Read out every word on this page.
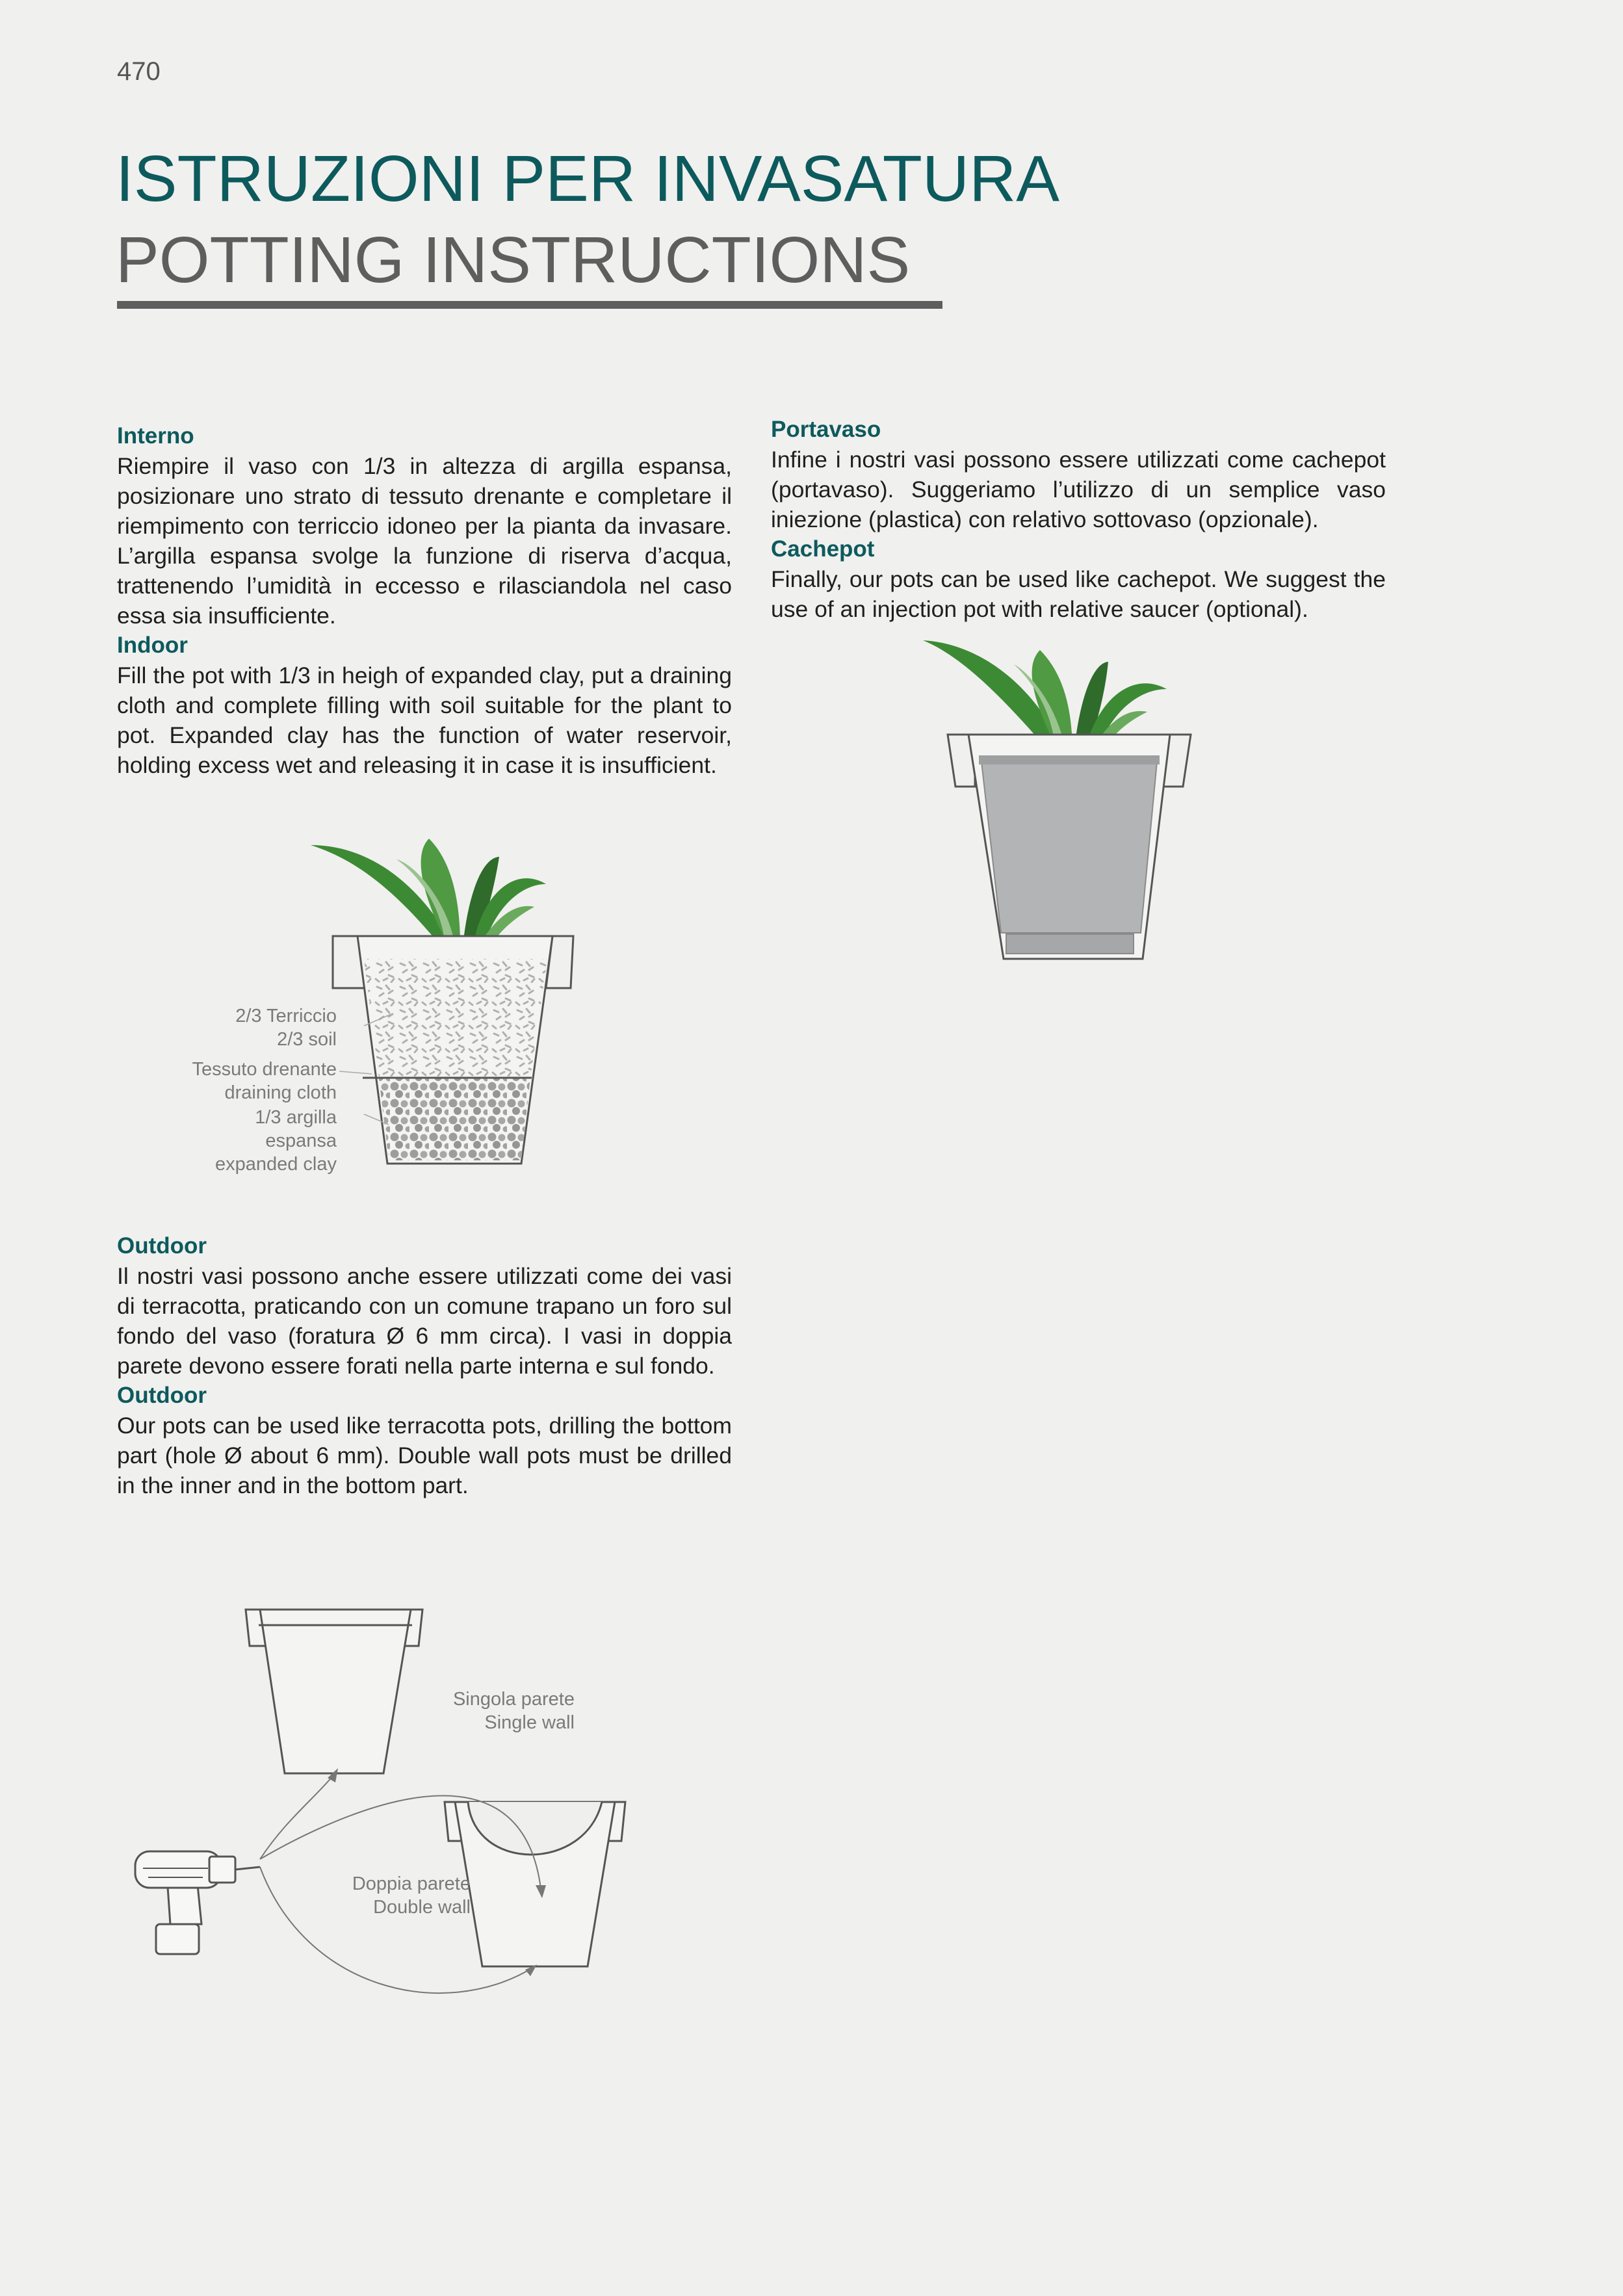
470
ISTRUZIONI PER INVASATURA
POTTING INSTRUCTIONS
Interno

Riempire il vaso con 1/3 in altezza di argilla espansa, posizionare uno strato di tessuto drenante e completare il riempimento con terriccio idoneo per la pianta da invasare. L’argilla espansa svolge la funzione di riserva d’acqua, trattenendo l’umidità in eccesso e rilasciandola nel caso essa sia insufficiente.

Indoor

Fill the pot with 1/3 in heigh of expanded clay, put a draining cloth and complete filling with soil suitable for the plant to pot. Expanded clay has the function of water reservoir, holding excess wet and releasing it in case it is insufficient.

Portavaso

Infine i nostri vasi possono essere utilizzati come cachepot (portavaso). Suggeriamo l’utilizzo di un semplice vaso iniezione (plastica) con relativo sottovaso (opzionale).

Cachepot

Finally, our pots can be used like cachepot. We suggest the use of an injection pot with relative saucer (optional).

2/3 Terriccio
2/3 soil
Tessuto drenante
draining cloth
1/3 argilla
espansa
expanded clay
Outdoor

Il nostri vasi possono anche essere utilizzati come dei vasi di terracotta, praticando con un comune trapano un foro sul fondo del vaso (foratura Ø 6 mm circa). I vasi in doppia parete devono essere forati nella parte interna e sul fondo.

Outdoor

Our pots can be used like terracotta pots, drilling the bottom part (hole Ø about 6 mm). Double wall pots must be drilled in the inner and in the bottom part.

Singola parete
Single wall
Doppia parete
Double wall
